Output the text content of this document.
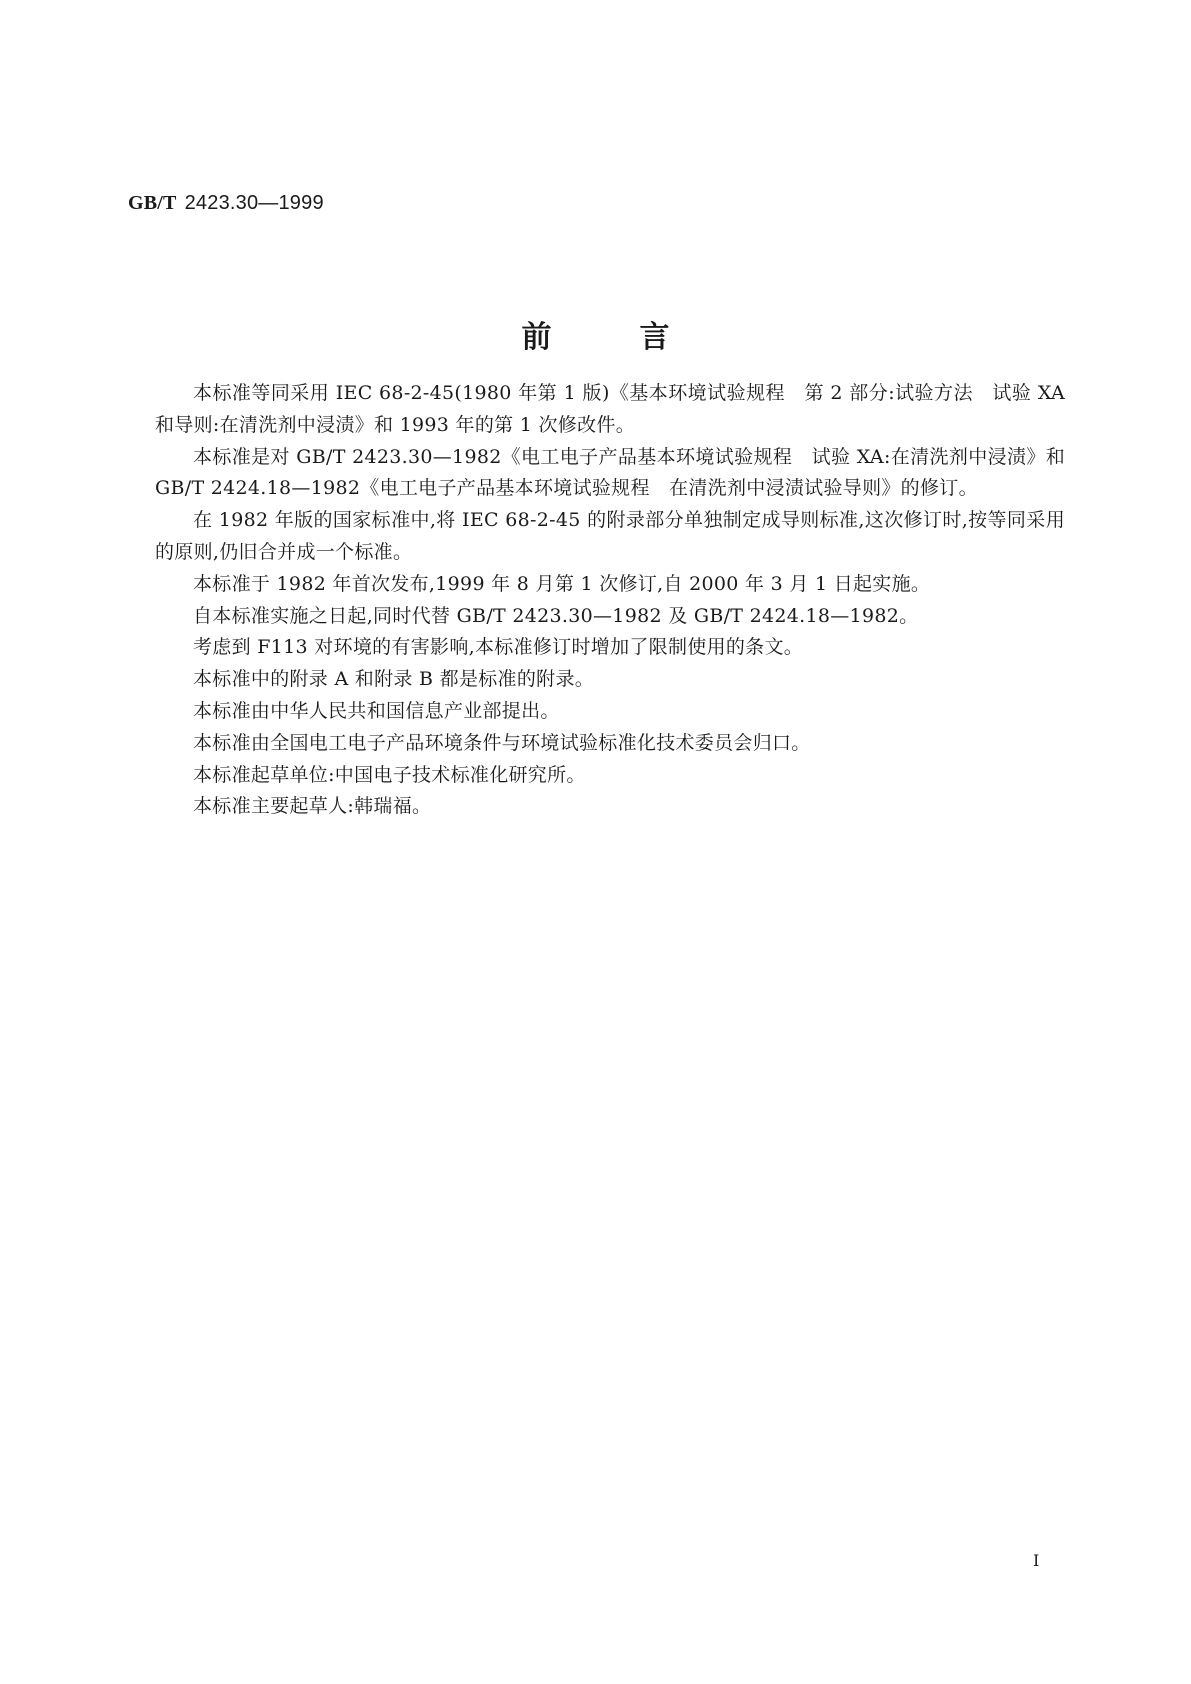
GB/T 2423.30—1999
前言

本标准等同采用 IEC 68-2-45(1980 年第 1 版)《基本环境试验规程　第 2 部分:试验方法　试验 XA 和导则:在清洗剂中浸渍》和 1993 年的第 1 次修改件。

本标准是对 GB/T 2423.30—1982《电工电子产品基本环境试验规程　试验 XA:在清洗剂中浸渍》和 GB/T 2424.18—1982《电工电子产品基本环境试验规程　在清洗剂中浸渍试验导则》的修订。

在 1982 年版的国家标准中,将 IEC 68-2-45 的附录部分单独制定成导则标准,这次修订时,按等同采用的原则,仍旧合并成一个标准。

本标准于 1982 年首次发布,1999 年 8 月第 1 次修订,自 2000 年 3 月 1 日起实施。

自本标准实施之日起,同时代替 GB/T 2423.30—1982 及 GB/T 2424.18—1982。

考虑到 F113 对环境的有害影响,本标准修订时增加了限制使用的条文。

本标准中的附录 A 和附录 B 都是标准的附录。

本标准由中华人民共和国信息产业部提出。

本标准由全国电工电子产品环境条件与环境试验标准化技术委员会归口。

本标准起草单位:中国电子技术标准化研究所。

本标准主要起草人:韩瑞福。

I
